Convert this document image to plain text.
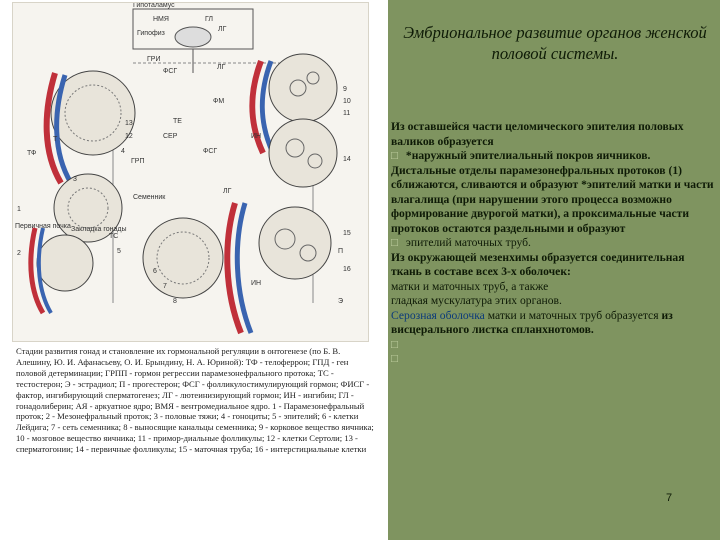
Гипоталамус
ГЛ
ЛГ
Гипофиз
НМЯ
ГРИ
ЛГ
ФСГ
ТЕ
ФСГ
ЛГ
ГРП
Т	СЕР
ФМ
ИН
ТФ
Семенник
ИН
ТС
П
Э
Первичная почка Закладка гонады
1
2
3
4
5
6
7
8
9
10
11
12
13
14
15
16
Стадии развития гонад и становление их гормональной регуляции в онтогенезе (по Б. В. Алешину, Ю. И. Афанасьеву, О. И. Брындину, Н. А. Юриной): ТФ - телоферрон; ГПД - ген половой детерминации; ГРПП - гормон регрессии парамезонефрального протока; ТС - тестостерон; Э - эстрадиол; П - прогестерон; ФСГ - фолликулостимулирующий гормон; ФИСГ - фактор, ингибирующий сперматогенез; ЛГ - лютеинизирующий гормон; ИН - ингибин; ГЛ - гонадолиберин; АЯ - аркуатное ядро; ВМЯ - вентромедиальное ядро. 1 - Парамезонефральный проток; 2 - Мезонефральный проток; 3 - половые тяжи; 4 - гоноциты; 5 - эпителий; 6 - клетки Лейдига; 7 - сеть семенника; 8 - выносящие канальцы семенника; 9 - корковое вещество яичника; 10 - мозговое вещество яичника; 11 - примор-диальные фолликулы; 12 - клетки Сертоли; 13 - сперматогонии; 14 - первичные фолликулы; 15 - маточная труба; 16 - интерстициальные клетки
Эмбриональное развитие органов женской половой системы.

Из оставшейся части целомического эпителия половых валиков образуется

□ *наружный эпителиальный покров яичников.

Дистальные отделы парамезонефральных протоков (1) сближаются, сливаются и образуют *эпителий матки и части влагалища (при нарушении этого процесса возможно формирование двурогой матки), а проксимальные части протоков остаются раздельными и образуют

□ эпителий маточных труб.

Из окружающей мезенхимы образуется соединительная ткань в составе всех 3-х оболочек:

матки и маточных труб, а также

гладкая мускулатура этих органов.

Серозная оболочка матки и маточных труб образуется из висцерального листка спланхнотомов.

□

□

7
